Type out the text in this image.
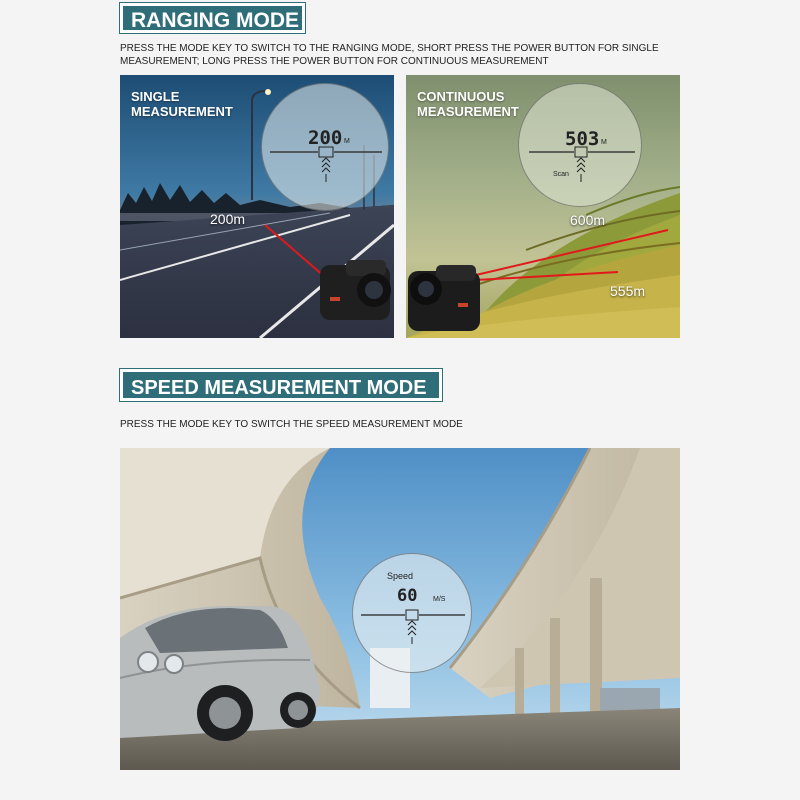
RANGING MODE
PRESS THE MODE KEY TO SWITCH TO THE RANGING MODE, SHORT PRESS THE POWER BUTTON FOR SINGLE MEASUREMENT; LONG PRESS THE POWER BUTTON FOR CONTINUOUS MEASUREMENT
200 M
SINGLE
MEASUREMENT
200m
503 M
Scan
CONTINUOUS
MEASUREMENT
600m
555m
SPEED MEASUREMENT MODE
PRESS THE MODE KEY TO SWITCH THE SPEED MEASUREMENT MODE
Speed
60 M/S
